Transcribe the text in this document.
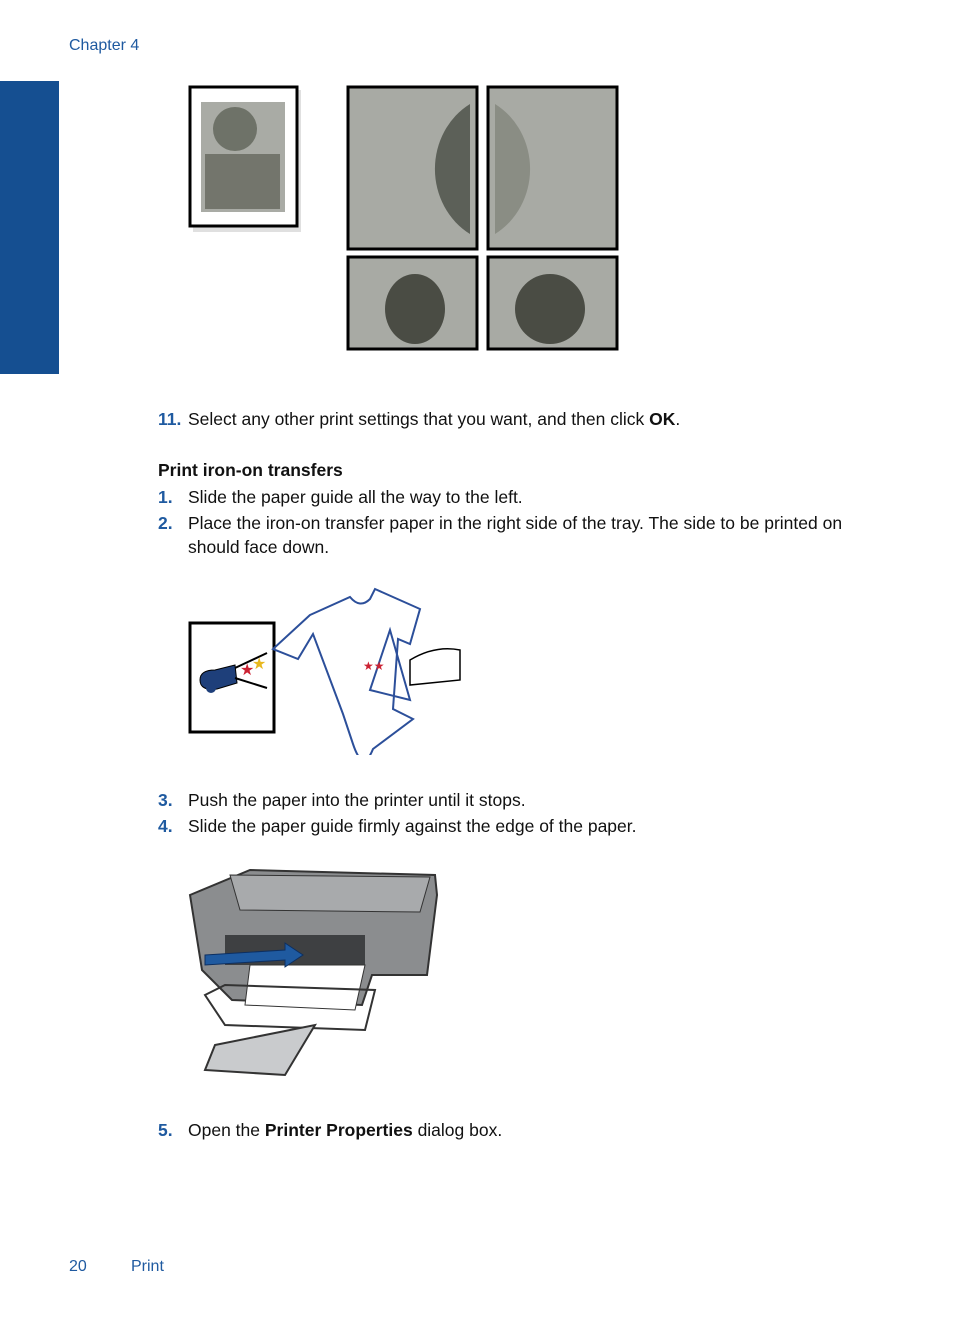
Chapter 4
Print	11. Select any other print settings that you want, and then click OK.
Print iron-on transfers
1. Slide the paper guide all the way to the left.
2. Place the iron-on transfer paper in the right side of the tray. The side to be printed on should face down.
★
★	★★
3. Push the paper into the printer until it stops.
4. Slide the paper guide firmly against the edge of the paper.
5. Open the Printer Properties dialog box.
20	Print
